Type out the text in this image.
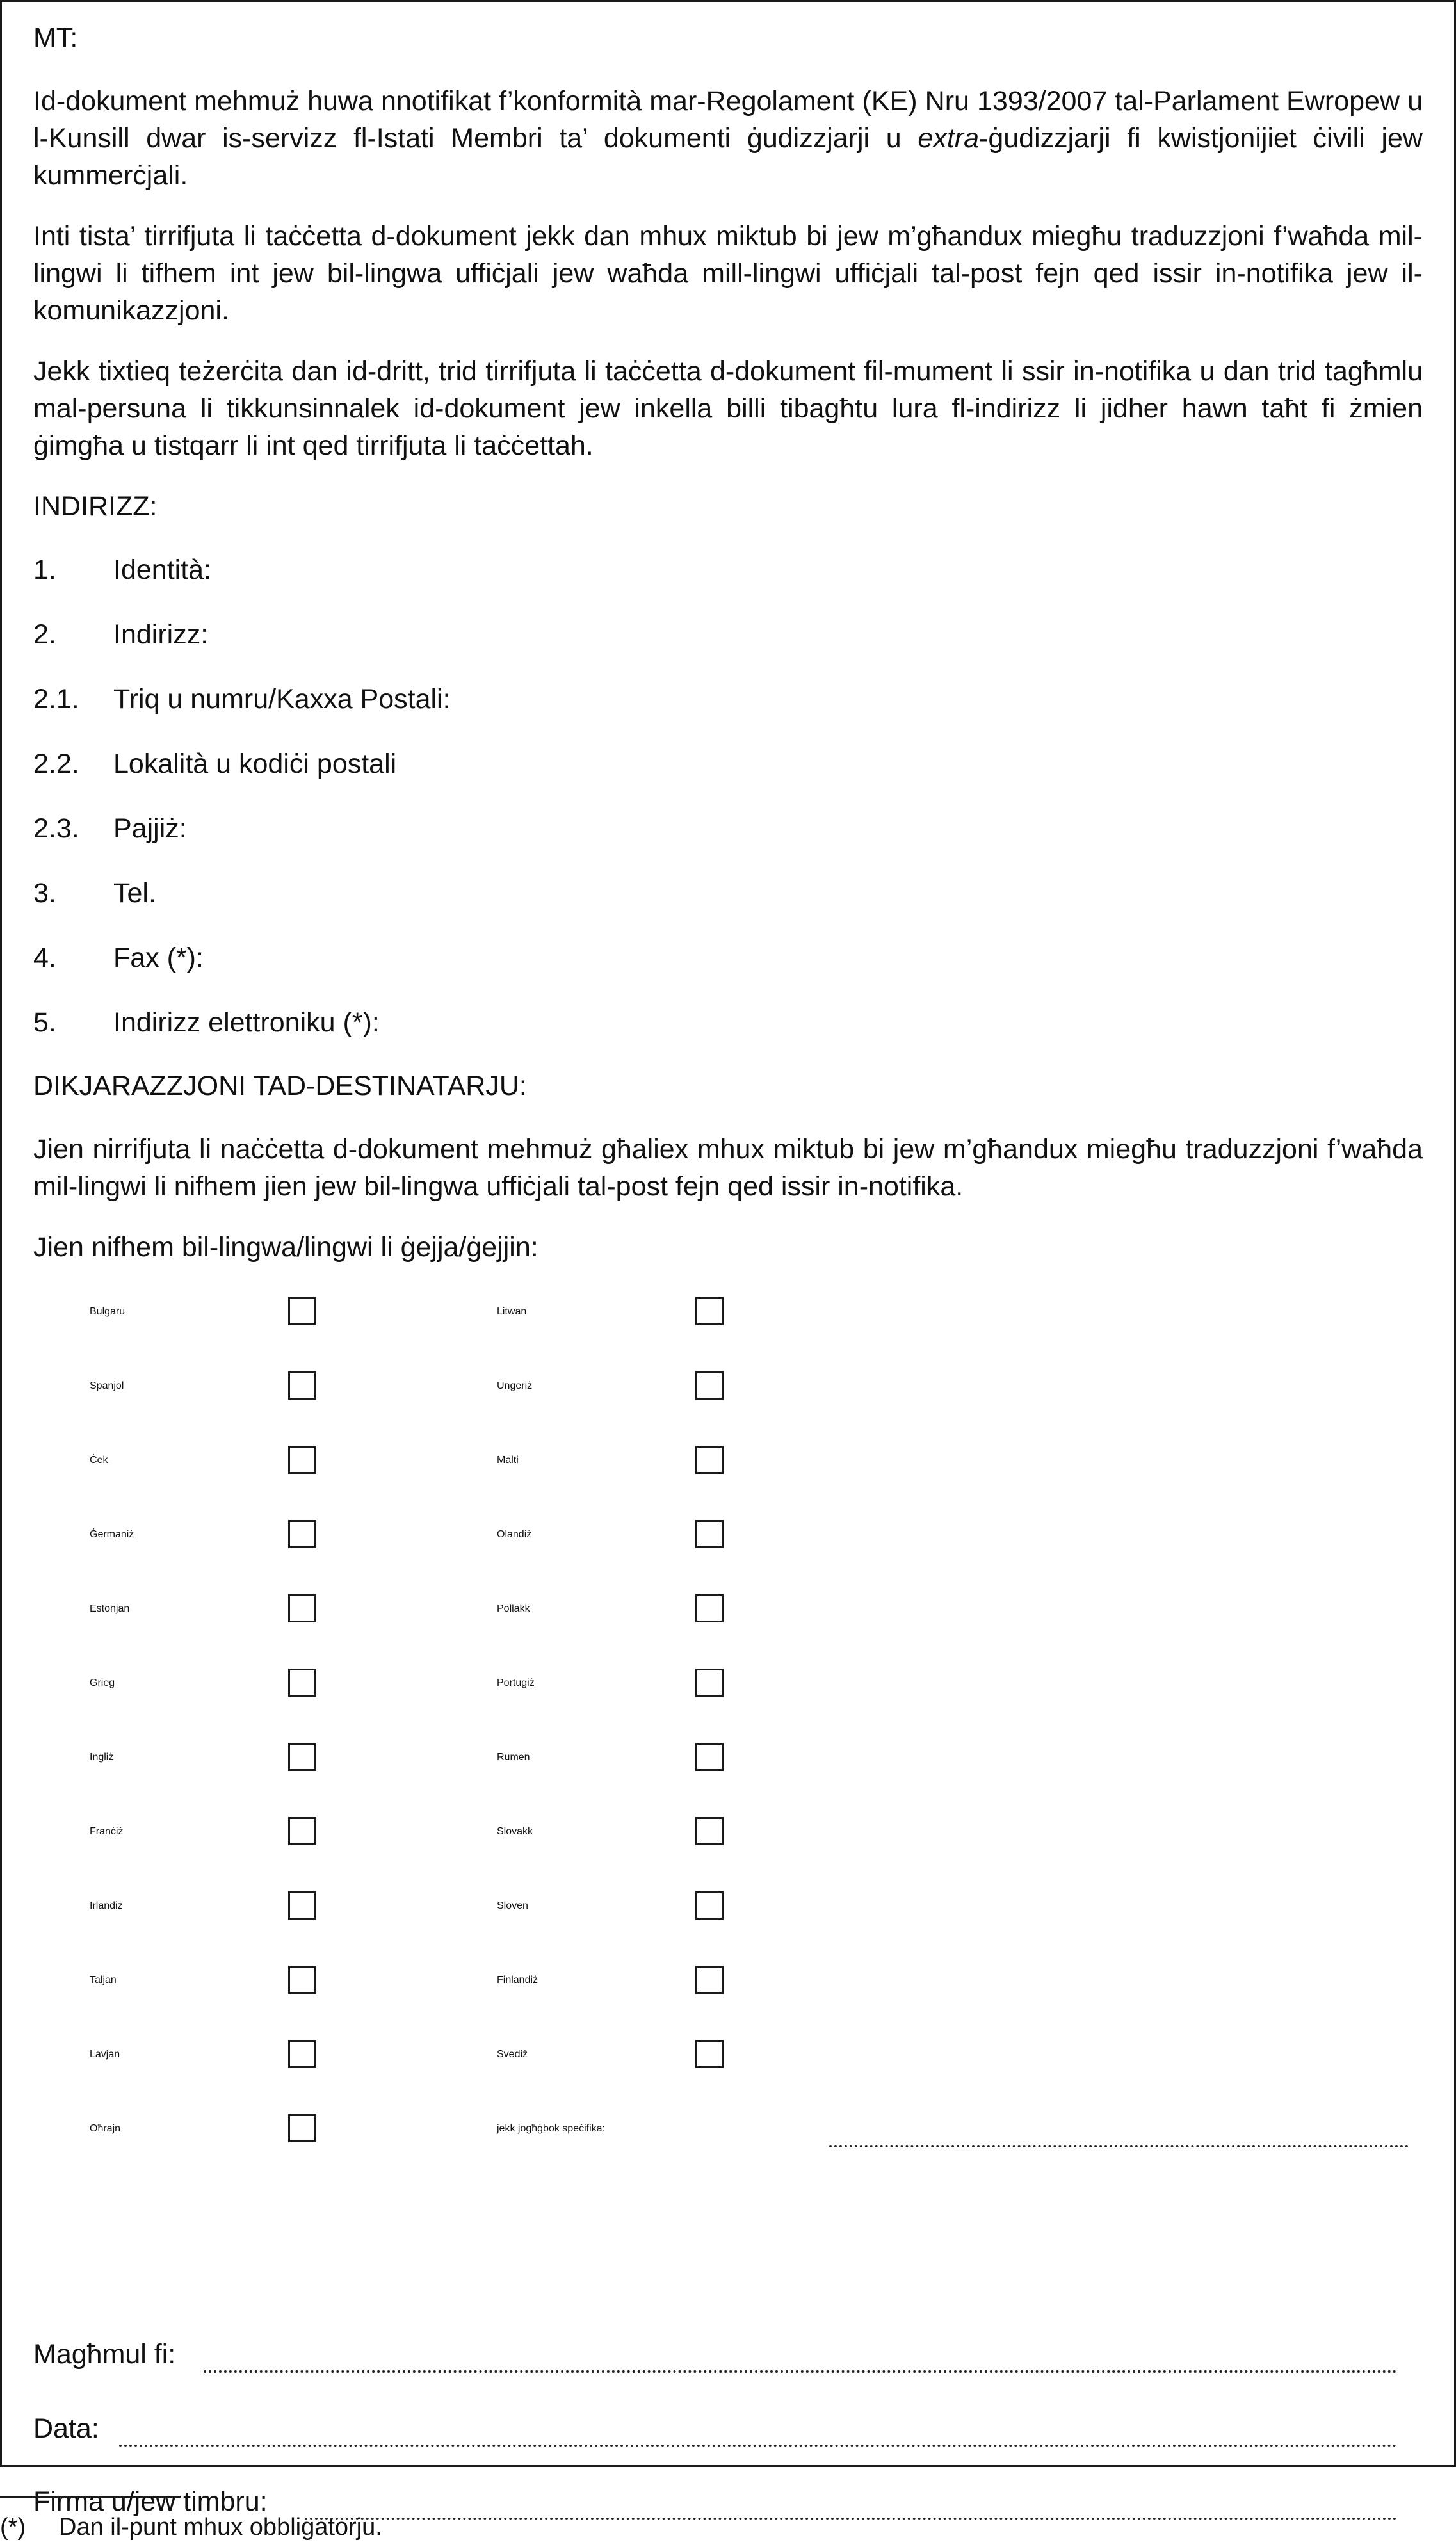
MT:

Id-dokument mehmuż huwa nnotifikat f’konformità mar-Regolament (KE) Nru 1393/2007 tal-Parlament Ewropew u l-Kunsill dwar is-servizz fl-Istati Membri ta’ dokumenti ġudizzjarji u extra-ġudizzjarji fi kwistjonijiet ċivili jew kummerċjali.

Inti tista’ tirrifjuta li taċċetta d-dokument jekk dan mhux miktub bi jew m’għandux miegħu traduzzjoni f’waħda mil-lingwi li tifhem int jew bil-lingwa uffiċjali jew waħda mill-lingwi uffiċjali tal-post fejn qed issir in-notifika jew il-komunikazzjoni.

Jekk tixtieq teżerċita dan id-dritt, trid tirrifjuta li taċċetta d-dokument fil-mument li ssir in-notifika u dan trid tagħmlu mal-persuna li tikkunsinnalek id-dokument jew inkella billi tibagħtu lura fl-indirizz li jidher hawn taħt fi żmien ġimgħa u tistqarr li int qed tirrifjuta li taċċettah.

INDIRIZZ:

1.	Identità:
2.	Indirizz:
2.1.	Triq u numru/Kaxxa Postali:
2.2.	Lokalità u kodiċi postali
2.3.	Pajjiż:
3.	Tel.
4.	Fax (*):
5.	Indirizz elettroniku (*):

DIKJARAZZJONI TAD-DESTINATARJU:

Jien nirrifjuta li naċċetta d-dokument mehmuż għaliex mhux miktub bi jew m’għandux miegħu traduzzjoni f’waħda mil-lingwi li nifhem jien jew bil-lingwa uffiċjali tal-post fejn qed issir in-notifika.

Jien nifhem bil-lingwa/lingwi li ġejja/ġejjin:

Bulgaru	Litwan
Spanjol	Ungeriż
Ċek	Malti
Ġermaniż	Olandiż
Estonjan	Pollakk
Grieg	Portugiż
Ingliż	Rumen
Franċiż	Slovakk
Irlandiż	Sloven
Taljan	Finlandiż
Lavjan	Svediż
Oħrajn	jekk jogħġbok speċifika:
Magħmul fi:
Data:
Firma u/jew timbru:
(*) Dan il-punt mhux obbligatorju.
